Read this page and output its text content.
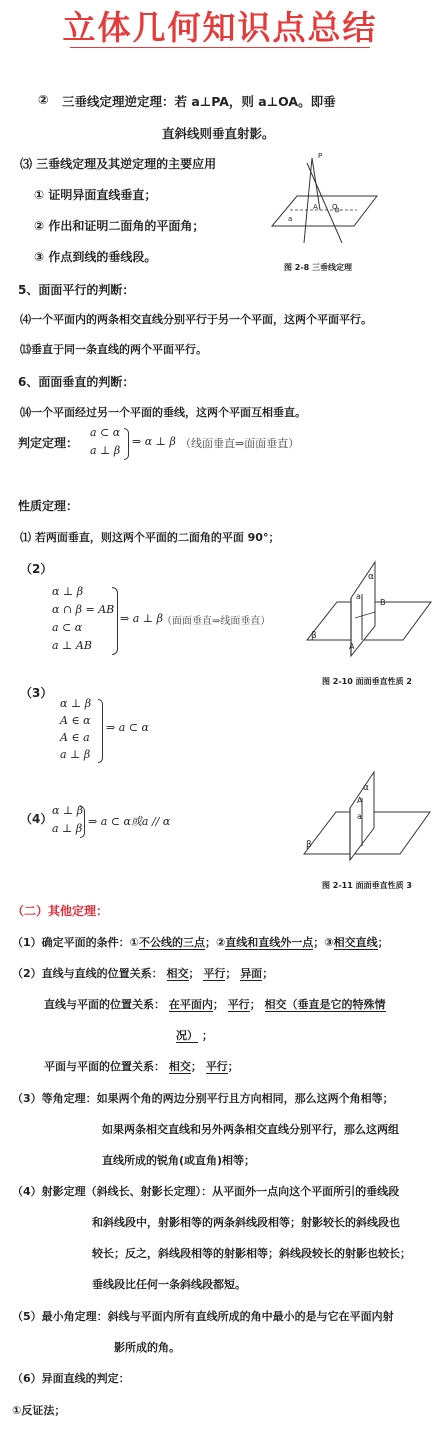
立体几何知识点总结
② 三垂线定理逆定理：若 a⊥PA，则 a⊥OA。即垂
直斜线则垂直射影。
⑶ 三垂线定理及其逆定理的主要应用
① 证明异面直线垂直；
② 作出和证明二面角的平面角；
③ 作点到线的垂线段。
P
A O
a
图 2-8 三垂线定理
5、面面平行的判断：
⑷一个平面内的两条相交直线分别平行于另一个平面，这两个平面平行。
⒀垂直于同一条直线的两个平面平行。
6、面面垂直的判断：
⒁一个平面经过另一个平面的垂线，这两个平面互相垂直。
判定定理：
a ⊂ α
a ⊥ β
⇒ α ⊥ β （线面垂直⇒面面垂直）
性质定理：
⑴ 若两面垂直，则这两个平面的二面角的平面 90°；
（2）
α ⊥ β
α ∩ β = AB
a ⊂ α
a ⊥ AB
⇒ a ⊥ β （面面垂直⇒线面垂直）
α
a
B
A
β
图 2-10 面面垂直性质 2
（3）
α ⊥ β
A ∈ α
A ∈ a
a ⊥ β
⇒ a ⊂ α
（4）
α ⊥ β
a ⊥ β
⇒ a ⊂ α或a // α
α
A
a
β
图 2-11 面面垂直性质 3
（二）其他定理：
（1）确定平面的条件：①不公线的三点；②直线和直线外一点；③相交直线；
（2）直线与直线的位置关系： 相交； 平行； 异面；
直线与平面的位置关系： 在平面内； 平行； 相交（垂直是它的特殊情
况） ；
平面与平面的位置关系： 相交； 平行；
（3）等角定理：如果两个角的两边分别平行且方向相同，那么这两个角相等；
如果两条相交直线和另外两条相交直线分别平行，那么这两组
直线所成的锐角(或直角)相等；
（4）射影定理（斜线长、射影长定理）：从平面外一点向这个平面所引的垂线段
和斜线段中，射影相等的两条斜线段相等；射影较长的斜线段也
较长；反之，斜线段相等的射影相等；斜线段较长的射影也较长；
垂线段比任何一条斜线段都短。
（5）最小角定理：斜线与平面内所有直线所成的角中最小的是与它在平面内射
影所成的角。
（6）异面直线的判定：
①反证法；
